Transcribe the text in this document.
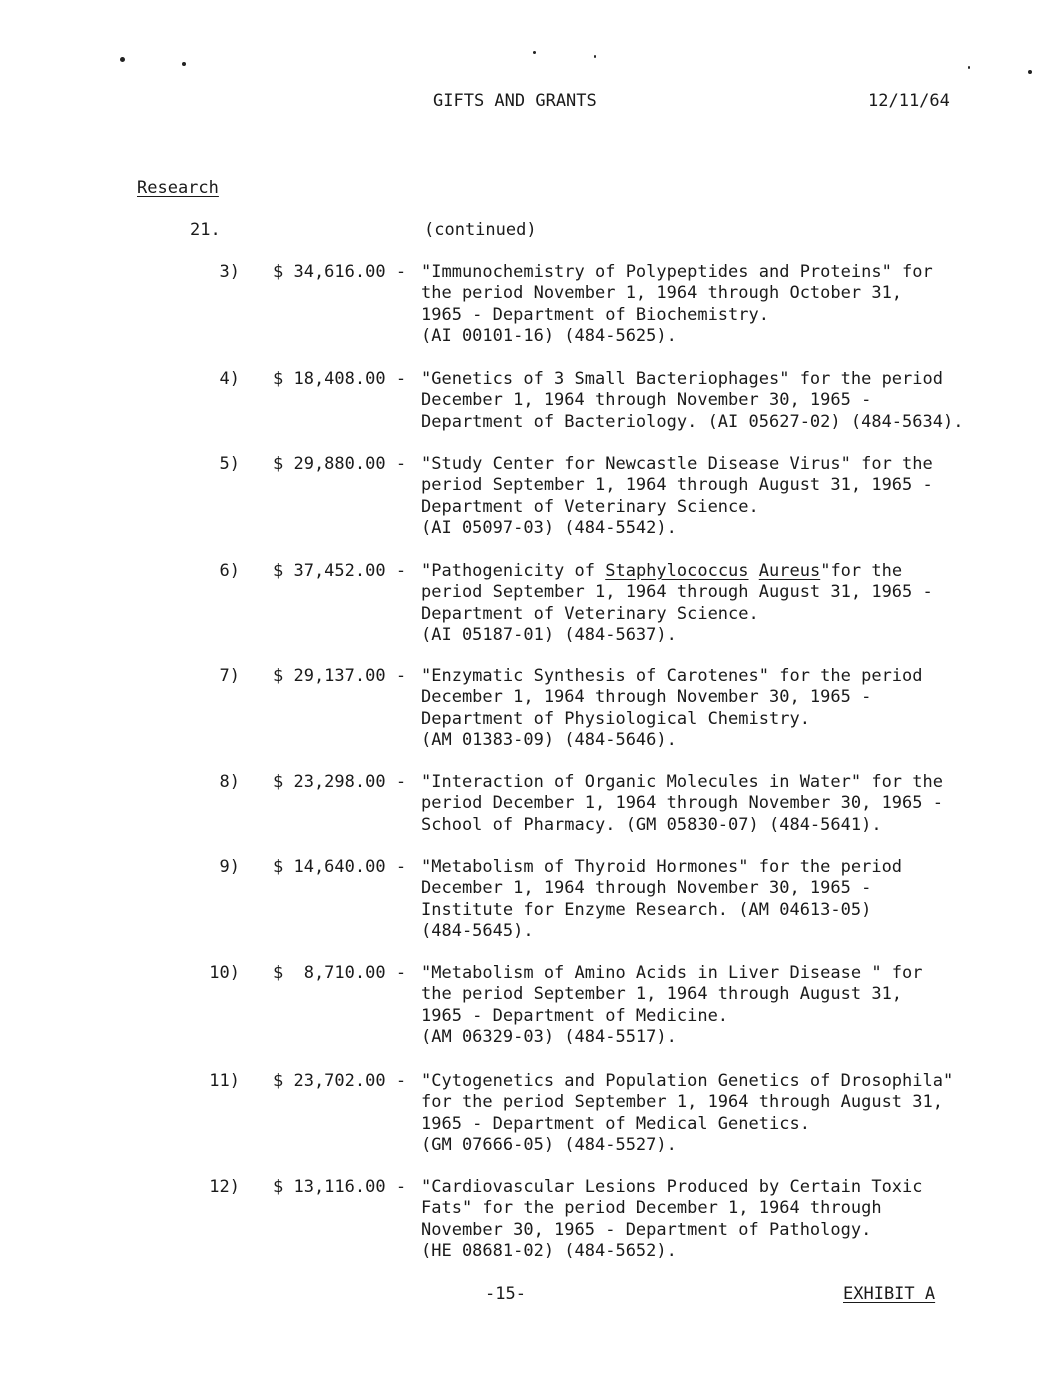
GIFTS AND GRANTS	12/11/64
Research
21.	(continued)
3) $ 34,616.00 - "Immunochemistry of Polypeptides and Proteins" for
the period November 1, 1964 through October 31,
1965 - Department of Biochemistry.
(AI 00101-16) (484-5625).
4) $ 18,408.00 - "Genetics of 3 Small Bacteriophages" for the period
December 1, 1964 through November 30, 1965 -
Department of Bacteriology. (AI 05627-02) (484-5634).
5) $ 29,880.00 - "Study Center for Newcastle Disease Virus" for the
period September 1, 1964 through August 31, 1965 -
Department of Veterinary Science.
(AI 05097-03) (484-5542).
6) $ 37,452.00 - "Pathogenicity of Staphylococcus Aureus"for the
period September 1, 1964 through August 31, 1965 -
Department of Veterinary Science.
(AI 05187-01) (484-5637).
7) $ 29,137.00 - "Enzymatic Synthesis of Carotenes" for the period
December 1, 1964 through November 30, 1965 -
Department of Physiological Chemistry.
(AM 01383-09) (484-5646).
8) $ 23,298.00 - "Interaction of Organic Molecules in Water" for the
period December 1, 1964 through November 30, 1965 -
School of Pharmacy. (GM 05830-07) (484-5641).
9) $ 14,640.00 - "Metabolism of Thyroid Hormones" for the period
December 1, 1964 through November 30, 1965 -
Institute for Enzyme Research. (AM 04613-05)
(484-5645).
10) $  8,710.00 - "Metabolism of Amino Acids in Liver Disease " for
the period September 1, 1964 through August 31,
1965 - Department of Medicine.
(AM 06329-03) (484-5517).
11) $ 23,702.00 - "Cytogenetics and Population Genetics of Drosophila"
for the period September 1, 1964 through August 31,
1965 - Department of Medical Genetics.
(GM 07666-05) (484-5527).
12) $ 13,116.00 - "Cardiovascular Lesions Produced by Certain Toxic
Fats" for the period December 1, 1964 through
November 30, 1965 - Department of Pathology.
(HE 08681-02) (484-5652).
-15-	EXHIBIT A
